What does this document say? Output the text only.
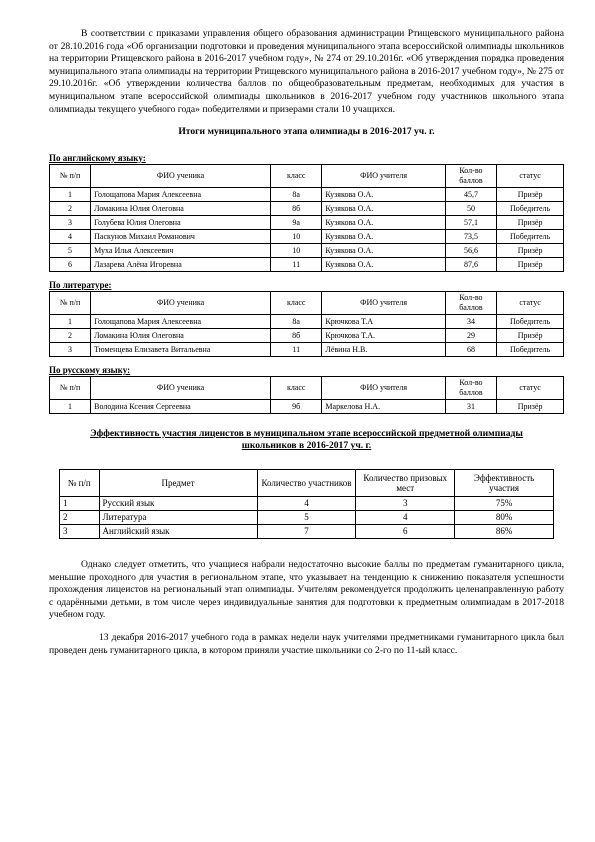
В соответствии с приказами управления общего образования администрации Ртищевского муниципального района от 28.10.2016 года «Об организации подготовки и проведения муниципального этапа всероссийской олимпиады школьников на территории Ртищевского района в 2016-2017 учебном году», № 274 от 29.10.2016г. «Об утверждения порядка проведения муниципального этапа олимпиады на территории Ртищевского муниципального района в 2016-2017 учебном году», № 275 от 29.10.2016г. «Об утверждении количества баллов по общеобразовательным предметам, необходимых для участия в муниципальном этапе всероссийской олимпиады школьников в 2016-2017 учебном году участников школьного этапа олимпиады текущего учебного года» победителями и призерами стали 10 учащихся.

Итоги муниципального этапа олимпиады в 2016-2017 уч. г.
По английскому языку:
№ п/п	ФИО ученика	класс	ФИО учителя	Кол-во баллов	статус
1	Голощапова Мария Алексеевна	8а	Кузякова О.А.	45,7	Призёр
2	Ломакина Юлия Олеговна	8б	Кузякова О.А.	50	Победитель
3	Голубева Юлия Олеговна	9а	Кузякова О.А.	57,1	Призёр
4	Паскунов Михаил Романович	10	Кузякова О.А.	73,5	Победитель
5	Муха Илья Алексеевич	10	Кузякова О.А.	56,6	Призёр
6	Лазарева Алёна Игоревна	11	Кузякова О.А.	87,6	Призёр
По литературе:
№ п/п	ФИО ученика	класс	ФИО учителя	Кол-во баллов	статус
1	Голощапова Мария Алексеевна	8а	Крючкова Т.А	34	Победитель
2	Ломакина Юлия Олеговна	8б	Крючкова Т.А.	29	Призёр
3	Тюменцева Елизавета Витальевна	11	Лёвина Н.В.	68	Победитель
По русскому языку:
№ п/п	ФИО ученика	класс	ФИО учителя	Кол-во баллов	статус
1	Володина Ксения Сергеевна	9б	Маркелова Н.А.	31	Призёр
Эффективность участия лицеистов в муниципальном этапе всероссийской предметной олимпиады школьников в 2016-2017 уч. г.
№ п/п	Предмет	Количество участников	Количество призовых мест	Эффективность участия
1	Русский язык	4	3	75%
2	Литература	5	4	80%
3	Английский язык	7	6	86%

Однако следует отметить, что учащиеся набрали недостаточно высокие баллы по предметам гуманитарного цикла, меньшие проходного для участия в региональном этапе, что указывает на тенденцию к снижению показателя успешности прохождения лицеистов на региональный этап олимпиады. Учителям рекомендуется продолжить целенаправленную работу с одарёнными детьми, в том числе через индивидуальные занятия для подготовки к предметным олимпиадам в 2017-2018 учебном году.

13 декабря 2016-2017 учебного года в рамках недели наук учителями предметниками гуманитарного цикла был проведен день гуманитарного цикла, в котором приняли участие школьники со 2-го по 11-ый класс.
